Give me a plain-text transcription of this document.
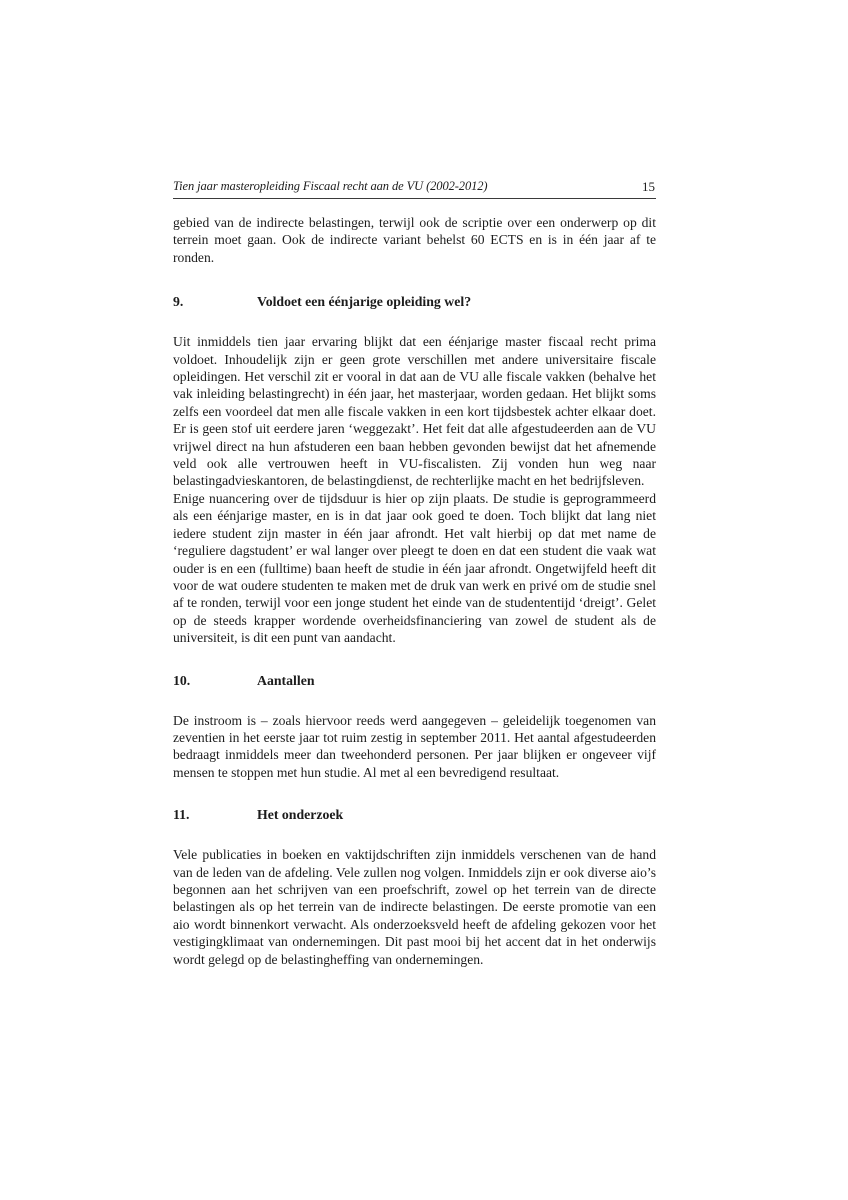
Tien jaar masteropleiding Fiscaal recht aan de VU (2002-2012)	15

gebied van de indirecte belastingen, terwijl ook de scriptie over een onderwerp op dit terrein moet gaan. Ook de indirecte variant behelst 60 ECTS en is in één jaar af te ronden.

9.	Voldoet een éénjarige opleiding wel?

Uit inmiddels tien jaar ervaring blijkt dat een éénjarige master fiscaal recht prima voldoet. Inhoudelijk zijn er geen grote verschillen met andere universitaire fiscale opleidingen. Het verschil zit er vooral in dat aan de VU alle fiscale vakken (behalve het vak inleiding belastingrecht) in één jaar, het masterjaar, worden gedaan. Het blijkt soms zelfs een voordeel dat men alle fiscale vakken in een kort tijdsbestek achter elkaar doet. Er is geen stof uit eerdere jaren ‘weggezakt’. Het feit dat alle afgestudeerden aan de VU vrijwel direct na hun afstuderen een baan hebben gevonden bewijst dat het afnemende veld ook alle vertrouwen heeft in VU-fiscalisten. Zij vonden hun weg naar belastingadvieskantoren, de belastingdienst, de rechterlijke macht en het bedrijfsleven.

Enige nuancering over de tijdsduur is hier op zijn plaats. De studie is geprogrammeerd als een éénjarige master, en is in dat jaar ook goed te doen. Toch blijkt dat lang niet iedere student zijn master in één jaar afrondt. Het valt hierbij op dat met name de ‘reguliere dagstudent’ er wal langer over pleegt te doen en dat een student die vaak wat ouder is en een (fulltime) baan heeft de studie in één jaar afrondt. Ongetwijfeld heeft dit voor de wat oudere studenten te maken met de druk van werk en privé om de studie snel af te ronden, terwijl voor een jonge student het einde van de studententijd ‘dreigt’. Gelet op de steeds krapper wordende overheidsfinanciering van zowel de student als de universiteit, is dit een punt van aandacht.

10.	Aantallen

De instroom is – zoals hiervoor reeds werd aangegeven – geleidelijk toegenomen van zeventien in het eerste jaar tot ruim zestig in september 2011. Het aantal afgestudeerden bedraagt inmiddels meer dan tweehonderd personen. Per jaar blijken er ongeveer vijf mensen te stoppen met hun studie. Al met al een bevredigend resultaat.

11.	Het onderzoek

Vele publicaties in boeken en vaktijdschriften zijn inmiddels verschenen van de hand van de leden van de afdeling. Vele zullen nog volgen. Inmiddels zijn er ook diverse aio’s begonnen aan het schrijven van een proefschrift, zowel op het terrein van de directe belastingen als op het terrein van de indirecte belastingen. De eerste promotie van een aio wordt binnenkort verwacht. Als onderzoeksveld heeft de afdeling gekozen voor het vestigingklimaat van ondernemingen. Dit past mooi bij het accent dat in het onderwijs wordt gelegd op de belastingheffing van ondernemingen.
